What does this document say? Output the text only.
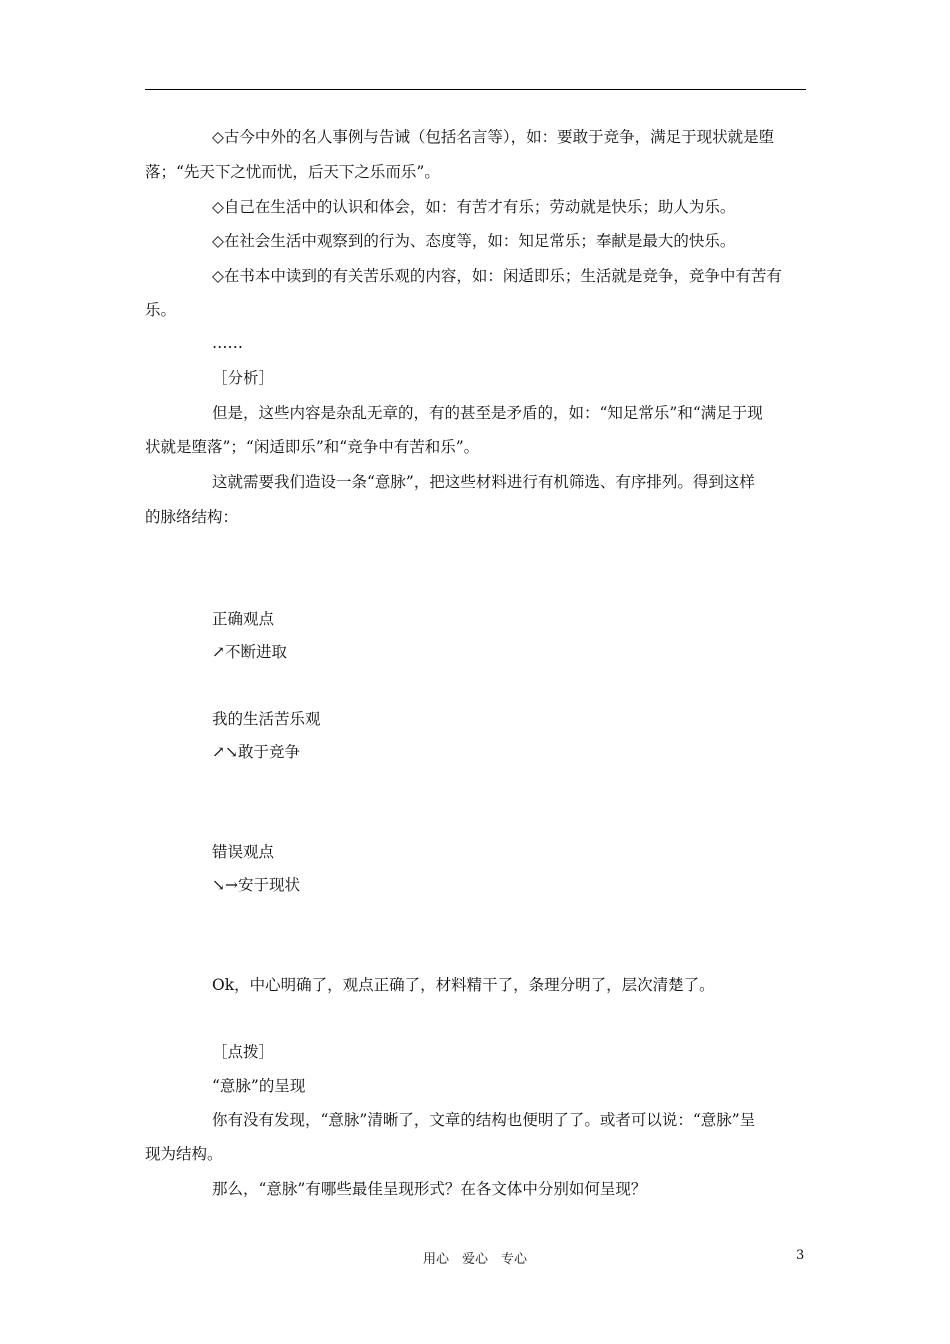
◇古今中外的名人事例与告诫（包括名言等），如：要敢于竞争，满足于现状就是堕
落；“先天下之忧而忧，后天下之乐而乐”。
◇自己在生活中的认识和体会，如：有苦才有乐；劳动就是快乐；助人为乐。
◇在社会生活中观察到的行为、态度等，如：知足常乐；奉献是最大的快乐。
◇在书本中读到的有关苦乐观的内容，如：闲适即乐；生活就是竞争，竞争中有苦有
乐。
……
［分析］
但是，这些内容是杂乱无章的，有的甚至是矛盾的，如：“知足常乐”和“满足于现
状就是堕落”；“闲适即乐”和“竞争中有苦和乐”。
这就需要我们造设一条“意脉”，把这些材料进行有机筛选、有序排列。得到这样
的脉络结构：
正确观点
↗不断进取
我的生活苦乐观
↗↘敢于竞争
错误观点
↘→安于现状
Ok，中心明确了，观点正确了，材料精干了，条理分明了，层次清楚了。
［点拨］
“意脉”的呈现
你有没有发现，“意脉”清晰了，文章的结构也便明了了。或者可以说：“意脉”呈
现为结构。
那么，“意脉”有哪些最佳呈现形式？在各文体中分别如何呈现？
用心　爱心　专心	3
